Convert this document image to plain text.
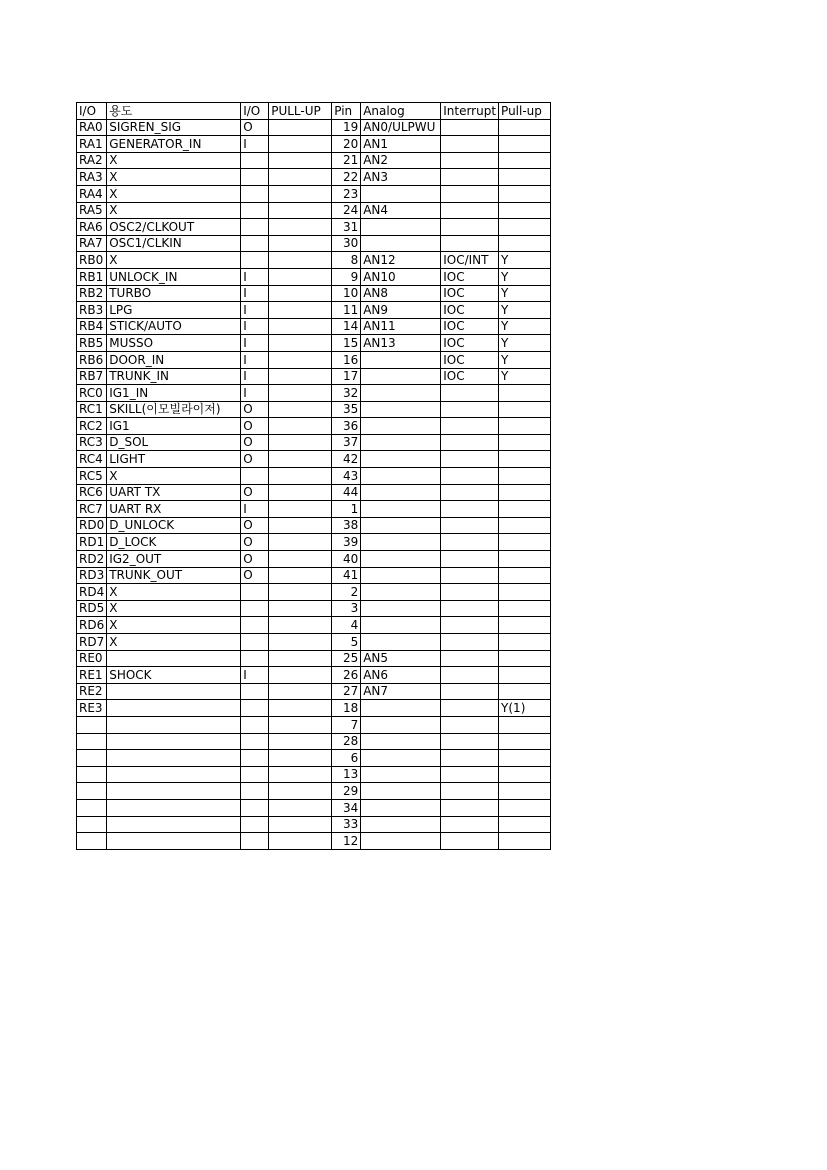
I/O	용도	I/O	PULL-UP	Pin	Analog	Interrupt	Pull-up
RA0	SIGREN_SIG	O		19	AN0/ULPWU		
RA1	GENERATOR_IN	I		20	AN1		
RA2	X			21	AN2		
RA3	X			22	AN3		
RA4	X			23			
RA5	X			24	AN4		
RA6	OSC2/CLKOUT			31			
RA7	OSC1/CLKIN			30			
RB0	X			8	AN12	IOC/INT	Y
RB1	UNLOCK_IN	I		9	AN10	IOC	Y
RB2	TURBO	I		10	AN8	IOC	Y
RB3	LPG	I		11	AN9	IOC	Y
RB4	STICK/AUTO	I		14	AN11	IOC	Y
RB5	MUSSO	I		15	AN13	IOC	Y
RB6	DOOR_IN	I		16		IOC	Y
RB7	TRUNK_IN	I		17		IOC	Y
RC0	IG1_IN	I		32			
RC1	SKILL(이모빌라이저)	O		35			
RC2	IG1	O		36			
RC3	D_SOL	O		37			
RC4	LIGHT	O		42			
RC5	X			43			
RC6	UART TX	O		44			
RC7	UART RX	I		1			
RD0	D_UNLOCK	O		38			
RD1	D_LOCK	O		39			
RD2	IG2_OUT	O		40			
RD3	TRUNK_OUT	O		41			
RD4	X			2			
RD5	X			3			
RD6	X			4			
RD7	X			5			
RE0				25	AN5		
RE1	SHOCK	I		26	AN6		
RE2				27	AN7		
RE3				18			Y(1)
				7			
				28			
				6			
				13			
				29			
				34			
				33			
				12			
